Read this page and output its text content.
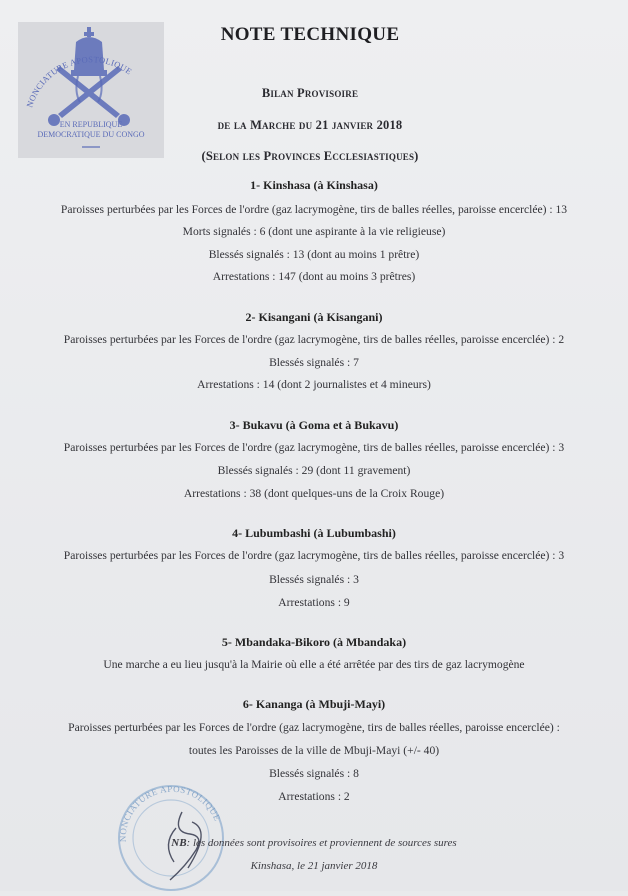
NONCIATURE APOSTOLIQUE
EN REPUBLIQUE
DEMOCRATIQUE DU CONGO
NOTE TECHNIQUE
Bilan Provisoire
de la Marche du 21 janvier 2018
(Selon les Provinces Ecclesiastiques)
1- Kinshasa (à Kinshasa)
Paroisses perturbées par les Forces de l'ordre (gaz lacrymogène, tirs de balles réelles, paroisse encerclée) : 13
Morts signalés : 6 (dont une aspirante à la vie religieuse)
Blessés signalés : 13 (dont au moins 1 prêtre)
Arrestations : 147 (dont au moins 3 prêtres)
2- Kisangani (à Kisangani)
Paroisses perturbées par les Forces de l'ordre (gaz lacrymogène, tirs de balles réelles, paroisse encerclée) : 2
Blessés signalés : 7
Arrestations : 14 (dont 2 journalistes et 4 mineurs)
3- Bukavu (à Goma et à Bukavu)
Paroisses perturbées par les Forces de l'ordre (gaz lacrymogène, tirs de balles réelles, paroisse encerclée) : 3
Blessés signalés : 29 (dont 11 gravement)
Arrestations : 38 (dont quelques-uns de la Croix Rouge)
4- Lubumbashi (à Lubumbashi)
Paroisses perturbées par les Forces de l'ordre (gaz lacrymogène, tirs de balles réelles, paroisse encerclée) : 3
Blessés signalés : 3
Arrestations : 9
5- Mbandaka-Bikoro (à Mbandaka)
Une marche a eu lieu jusqu'à la Mairie où elle a été arrêtée par des tirs de gaz lacrymogène
6- Kananga (à Mbuji-Mayi)
Paroisses perturbées par les Forces de l'ordre (gaz lacrymogène, tirs de balles réelles, paroisse encerclée) :
toutes les Paroisses de la ville de Mbuji-Mayi (+/- 40)
Blessés signalés : 8
Arrestations : 2
NONCIATURE APOSTOLIQUE
NB: les données sont provisoires et proviennent de sources sures
Kinshasa, le 21 janvier 2018
